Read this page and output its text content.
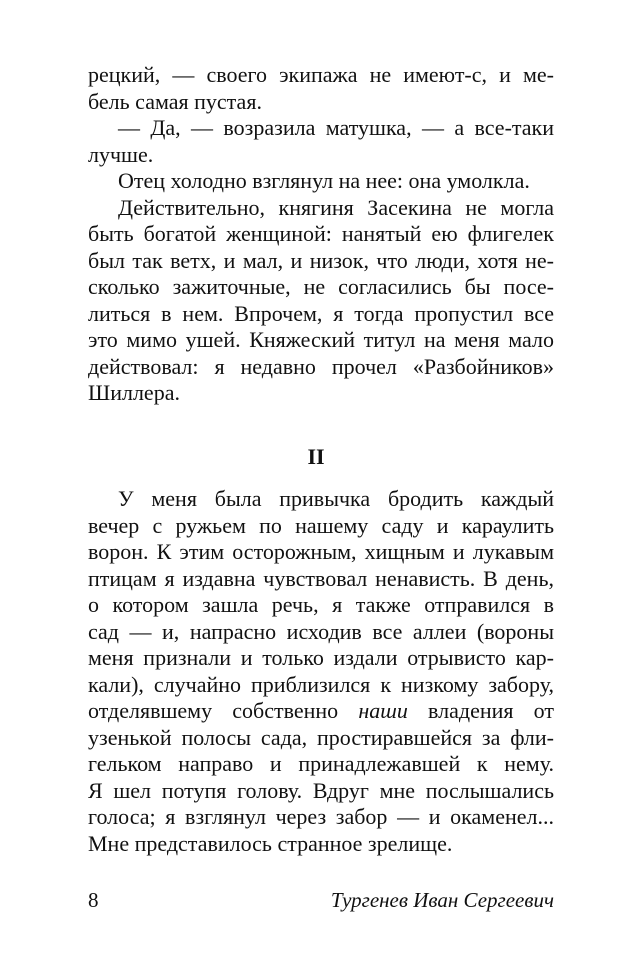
рецкий, — своего экипажа не имеют-с, и ме-

бель самая пустая.

— Да, — возразила матушка, — а все-таки

лучше.

Отец холодно взглянул на нее: она умолкла.

Действительно, княгиня Засекина не могла

быть богатой женщиной: нанятый ею флигелек

был так ветх, и мал, и низок, что люди, хотя не-

сколько зажиточные, не согласились бы посе-

литься в нем. Впрочем, я тогда пропустил все

это мимо ушей. Княжеский титул на меня мало

действовал: я недавно прочел «Разбойников»

Шиллера.

II

У меня была привычка бродить каждый

вечер с ружьем по нашему саду и караулить

ворон. К этим осторожным, хищным и лукавым

птицам я издавна чувствовал ненависть. В день,

о котором зашла речь, я также отправился в

сад — и, напрасно исходив все аллеи (вороны

меня признали и только издали отрывисто кар-

кали), случайно приблизился к низкому забору,

отделявшему собственно наши владения от

узенькой полосы сада, простиравшейся за фли-

гельком направо и принадлежавшей к нему.

Я шел потупя голову. Вдруг мне послышались

голоса; я взглянул через забор — и окаменел...

Мне представилось странное зрелище.

8	Тургенев Иван Сергеевич
